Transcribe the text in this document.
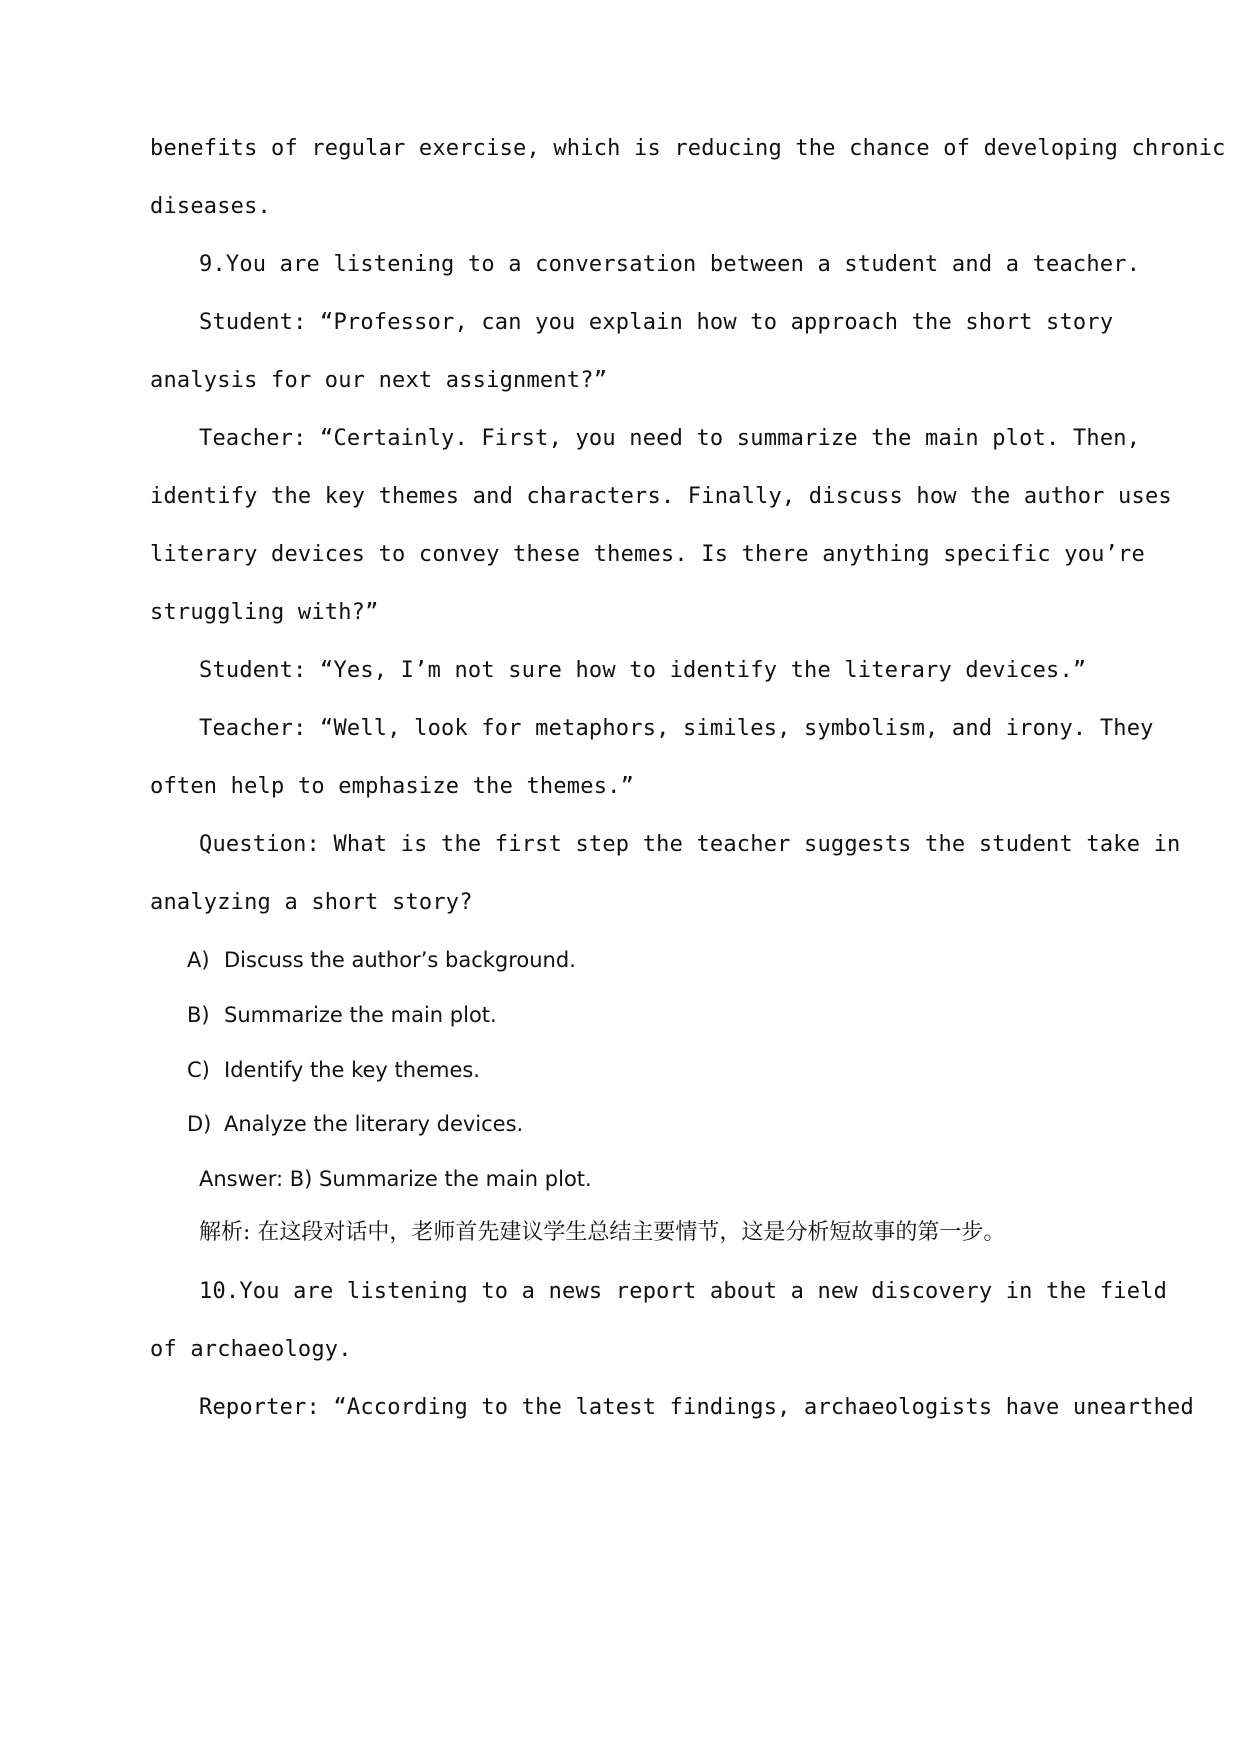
benefits of regular exercise, which is reducing the chance of developing chronic
diseases.
9.You are listening to a conversation between a student and a teacher.
Student: “Professor, can you explain how to approach the short story
analysis for our next assignment?”
Teacher: “Certainly. First, you need to summarize the main plot. Then,
identify the key themes and characters. Finally, discuss how the author uses
literary devices to convey these themes. Is there anything specific you’re
struggling with?”
Student: “Yes, I’m not sure how to identify the literary devices.”
Teacher: “Well, look for metaphors, similes, symbolism, and irony. They
often help to emphasize the themes.”
Question: What is the first step the teacher suggests the student take in
analyzing a short story?
A) Discuss the author’s background.
B) Summarize the main plot.
C) Identify the key themes.
D) Analyze the literary devices.
Answer: B) Summarize the main plot.
解析: 在这段对话中，老师首先建议学生总结主要情节，这是分析短故事的第一步。
10.You are listening to a news report about a new discovery in the field
of archaeology.
Reporter: “According to the latest findings, archaeologists have unearthed
